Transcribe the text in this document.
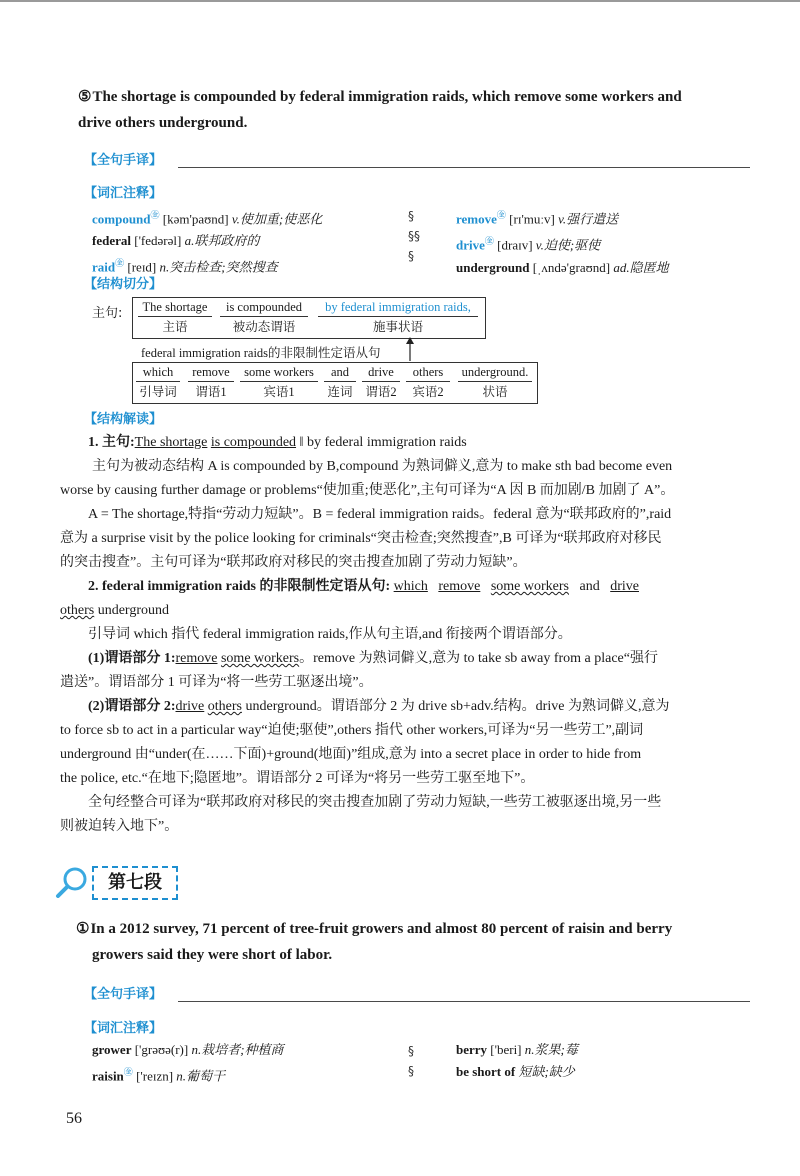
⑤The shortage is compounded by federal immigration raids, which remove some workers and
drive others underground.
【全句手译】
【词汇注释】
compound㊎ [kəm'paʊnd] v.使加重;使恶化
federal ['fedərəl] a.联邦政府的
raid㊎ [reɪd] n.突击检查;突然搜查
§
§§
§
remove㊎ [rɪ'muːv] v.强行遣送
drive㊎ [draɪv] v.迫使;驱使
underground [ˌʌndə'graʊnd] ad.隐匿地
【结构切分】
主句:	The shortage
主语
is compounded
被动态谓语
by federal immigration raids,
施事状语
federal immigration raids的非限制性定语从句
which
引导词
remove
谓语1
some workers
宾语1
and
连词
drive
谓语2
others
宾语2
underground.
状语
【结构解读】
1. 主句:The shortage is compounded ‖ by federal immigration raids
主句为被动态结构 A is compounded by B,compound 为熟词僻义,意为 to make sth bad become even
worse by causing further damage or problems“使加重;使恶化”,主句可译为“A 因 B 而加剧/B 加剧了 A”。
A = The shortage,特指“劳动力短缺”。B = federal immigration raids。federal 意为“联邦政府的”,raid
意为 a surprise visit by the police looking for criminals“突击检查;突然搜查”,B 可译为“联邦政府对移民
的突击搜查”。主句可译为“联邦政府对移民的突击搜查加剧了劳动力短缺”。
2. federal immigration raids 的非限制性定语从句: which remove some workers and drive
others underground
引导词 which 指代 federal immigration raids,作从句主语,and 衔接两个谓语部分。
(1)谓语部分 1:remove some workers。remove 为熟词僻义,意为 to take sb away from a place“强行
遣送”。谓语部分 1 可译为“将一些劳工驱逐出境”。
(2)谓语部分 2:drive others underground。谓语部分 2 为 drive sb+adv.结构。drive 为熟词僻义,意为
to force sb to act in a particular way“迫使;驱使”,others 指代 other workers,可译为“另一些劳工”,副词
underground 由“under(在……下面)+ground(地面)”组成,意为 into a secret place in order to hide from
the police, etc.“在地下;隐匿地”。谓语部分 2 可译为“将另一些劳工驱至地下”。
全句经整合可译为“联邦政府对移民的突击搜查加剧了劳动力短缺,一些劳工被驱逐出境,另一些
则被迫转入地下”。
第七段
①In a 2012 survey, 71 percent of tree-fruit growers and almost 80 percent of raisin and berry
growers said they were short of labor.
【全句手译】
【词汇注释】
grower ['grəʊə(r)] n.栽培者;种植商
raisin㊎ ['reɪzn] n.葡萄干
§
§
berry ['beri] n.浆果;莓
be short of 短缺;缺少
56
